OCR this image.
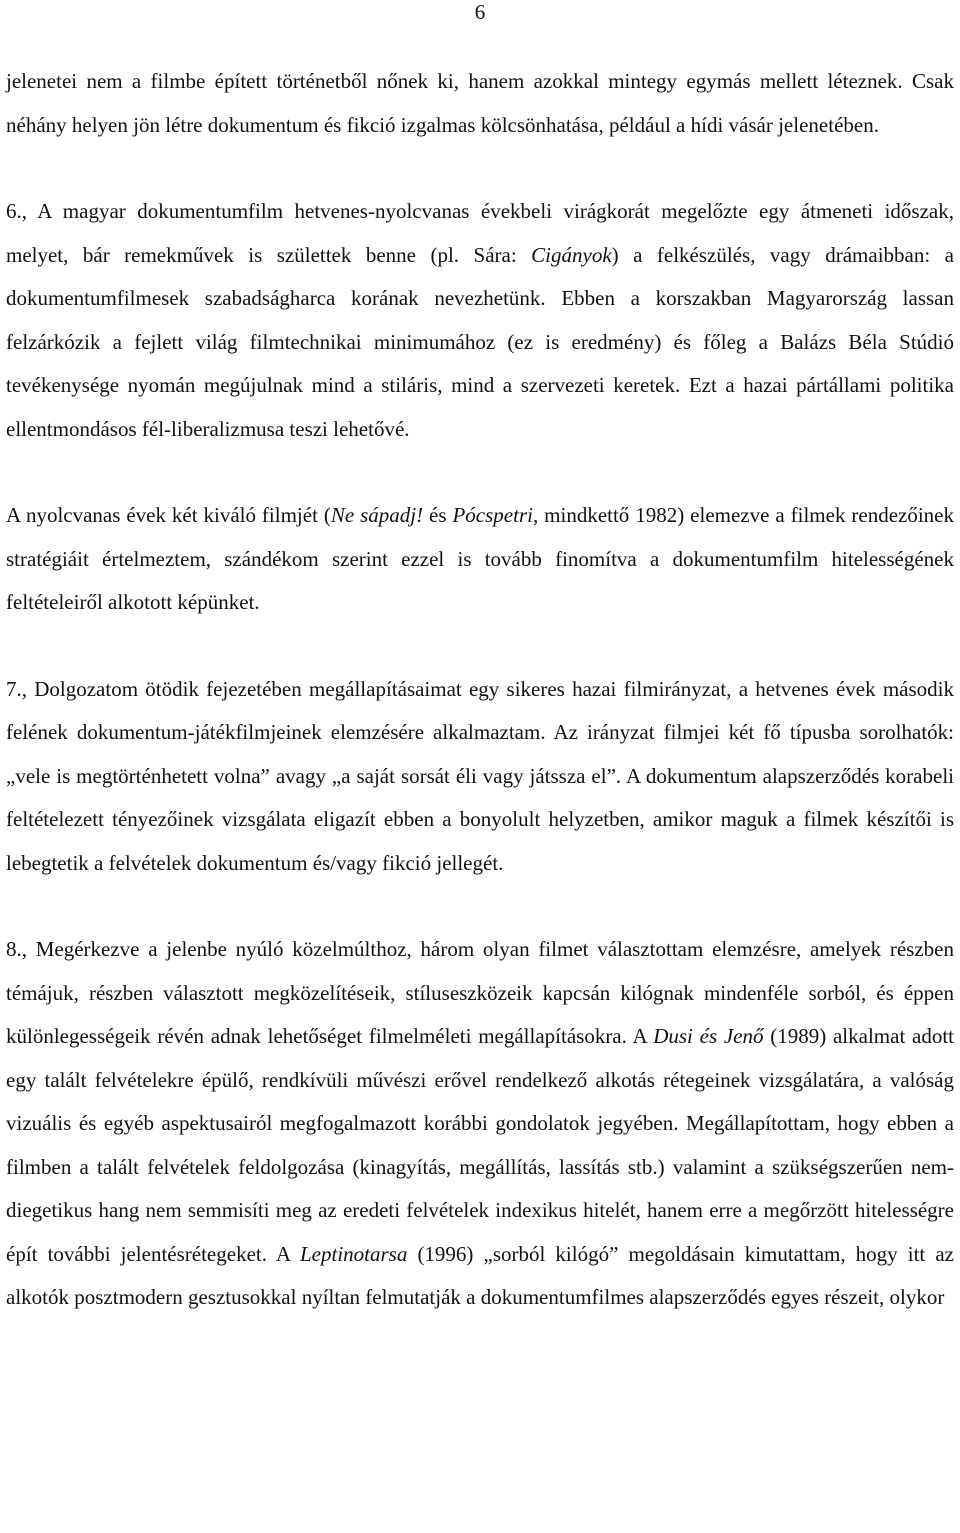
6

jelenetei nem a filmbe épített történetből nőnek ki, hanem azokkal mintegy egymás mellett léteznek. Csak néhány helyen jön létre dokumentum és fikció izgalmas kölcsönhatása, például a hídi vásár jelenetében.

6., A magyar dokumentumfilm hetvenes-nyolcvanas évekbeli virágkorát megelőzte egy átmeneti időszak, melyet, bár remekművek is születtek benne (pl. Sára: Cigányok) a felkészülés, vagy drámaibban: a dokumentumfilmesek szabadságharca korának nevezhetünk. Ebben a korszakban Magyarország lassan felzárkózik a fejlett világ filmtechnikai minimumához (ez is eredmény) és főleg a Balázs Béla Stúdió tevékenysége nyomán megújulnak mind a stiláris, mind a szervezeti keretek. Ezt a hazai pártállami politika ellentmondásos fél-liberalizmusa teszi lehetővé.

A nyolcvanas évek két kiváló filmjét (Ne sápadj! és Pócspetri, mindkettő 1982) elemezve a filmek rendezőinek stratégiáit értelmeztem, szándékom szerint ezzel is tovább finomítva a dokumentumfilm hitelességének feltételeiről alkotott képünket.

7., Dolgozatom ötödik fejezetében megállapításaimat egy sikeres hazai filmirányzat, a hetvenes évek második felének dokumentum-játékfilmjeinek elemzésére alkalmaztam. Az irányzat filmjei két fő típusba sorolhatók: „vele is megtörténhetett volna” avagy „a saját sorsát éli vagy játssza el”. A dokumentum alapszerződés korabeli feltételezett tényezőinek vizsgálata eligazít ebben a bonyolult helyzetben, amikor maguk a filmek készítői is lebegtetik a felvételek dokumentum és/vagy fikció jellegét.

8., Megérkezve a jelenbe nyúló közelmúlthoz, három olyan filmet választottam elemzésre, amelyek részben témájuk, részben választott megközelítéseik, stíluseszközeik kapcsán kilógnak mindenféle sorból, és éppen különlegességeik révén adnak lehetőséget filmelméleti megállapításokra. A Dusi és Jenő (1989) alkalmat adott egy talált felvételekre épülő, rendkívüli művészi erővel rendelkező alkotás rétegeinek vizsgálatára, a valóság vizuális és egyéb aspektusairól megfogalmazott korábbi gondolatok jegyében. Megállapítottam, hogy ebben a filmben a talált felvételek feldolgozása (kinagyítás, megállítás, lassítás stb.) valamint a szükségszerűen nem-diegetikus hang nem semmisíti meg az eredeti felvételek indexikus hitelét, hanem erre a megőrzött hitelességre épít további jelentésrétegeket. A Leptinotarsa (1996) „sorból kilógó” megoldásain kimutattam, hogy itt az alkotók posztmodern gesztusokkal nyíltan felmutatják a dokumentumfilmes alapszerződés egyes részeit, olykor
